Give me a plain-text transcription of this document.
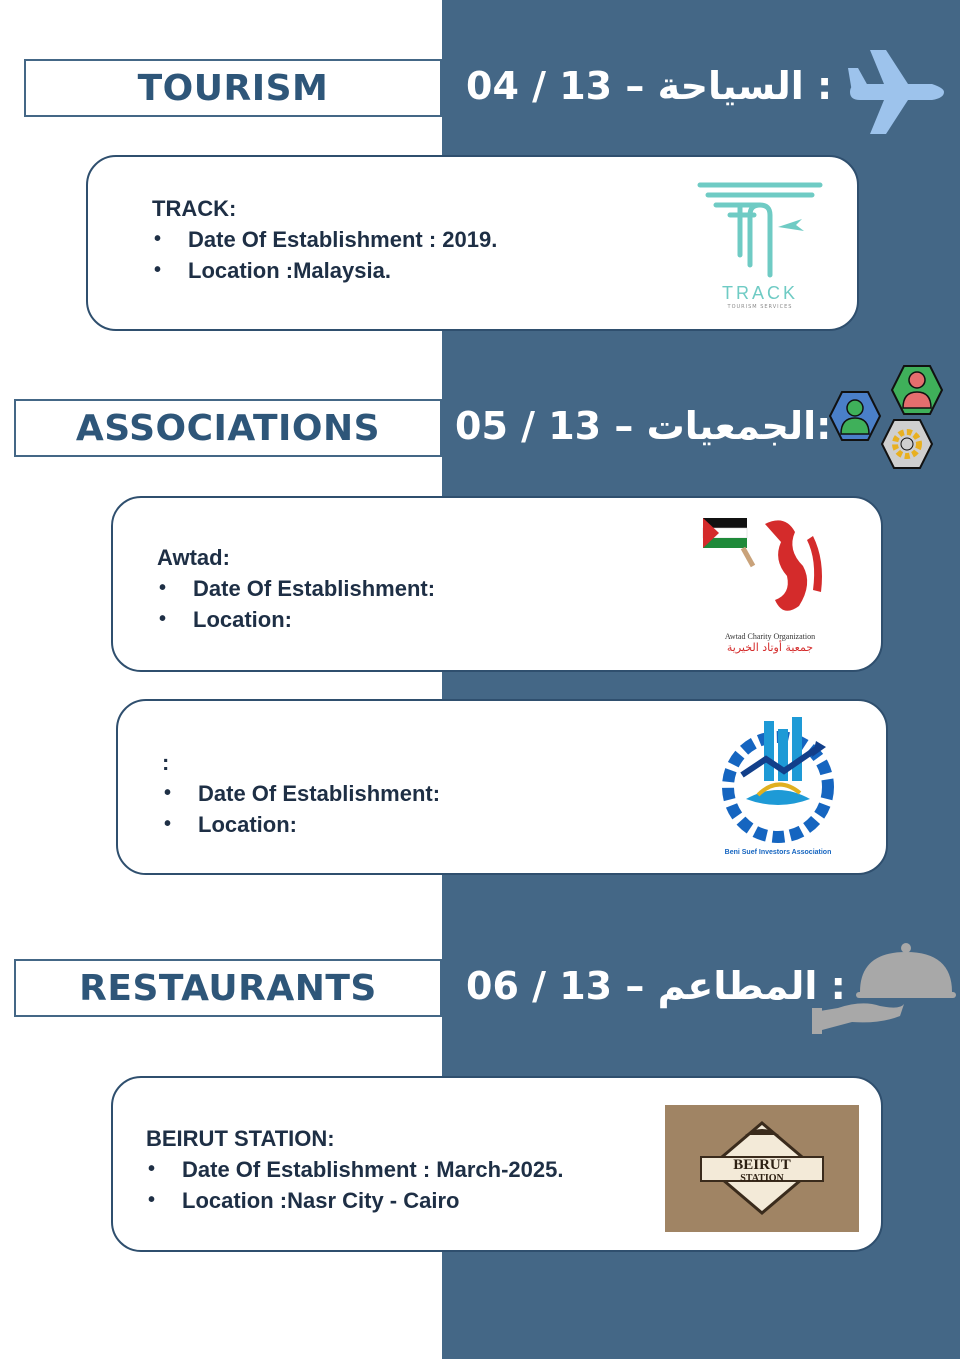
TOURISM	04 / 13 – السياحة :
TRACK:
• Date Of Establishment : 2019.
• Location :Malaysia.
TRACK
TOURISM SERVICES
ASSOCIATIONS	05 / 13 – الجمعيات:
Awtad:
• Date Of Establishment:
• Location:
Awtad Charity Organization
جمعية أوتاد الخيرية
:
• Date Of Establishment:
• Location:
Beni Suef Investors Association
RESTAURANTS	06 / 13 – المطاعم :
BEIRUT STATION:
• Date Of Establishment : March-2025.
• Location :Nasr City - Cairo
BEIRUT
STATION
